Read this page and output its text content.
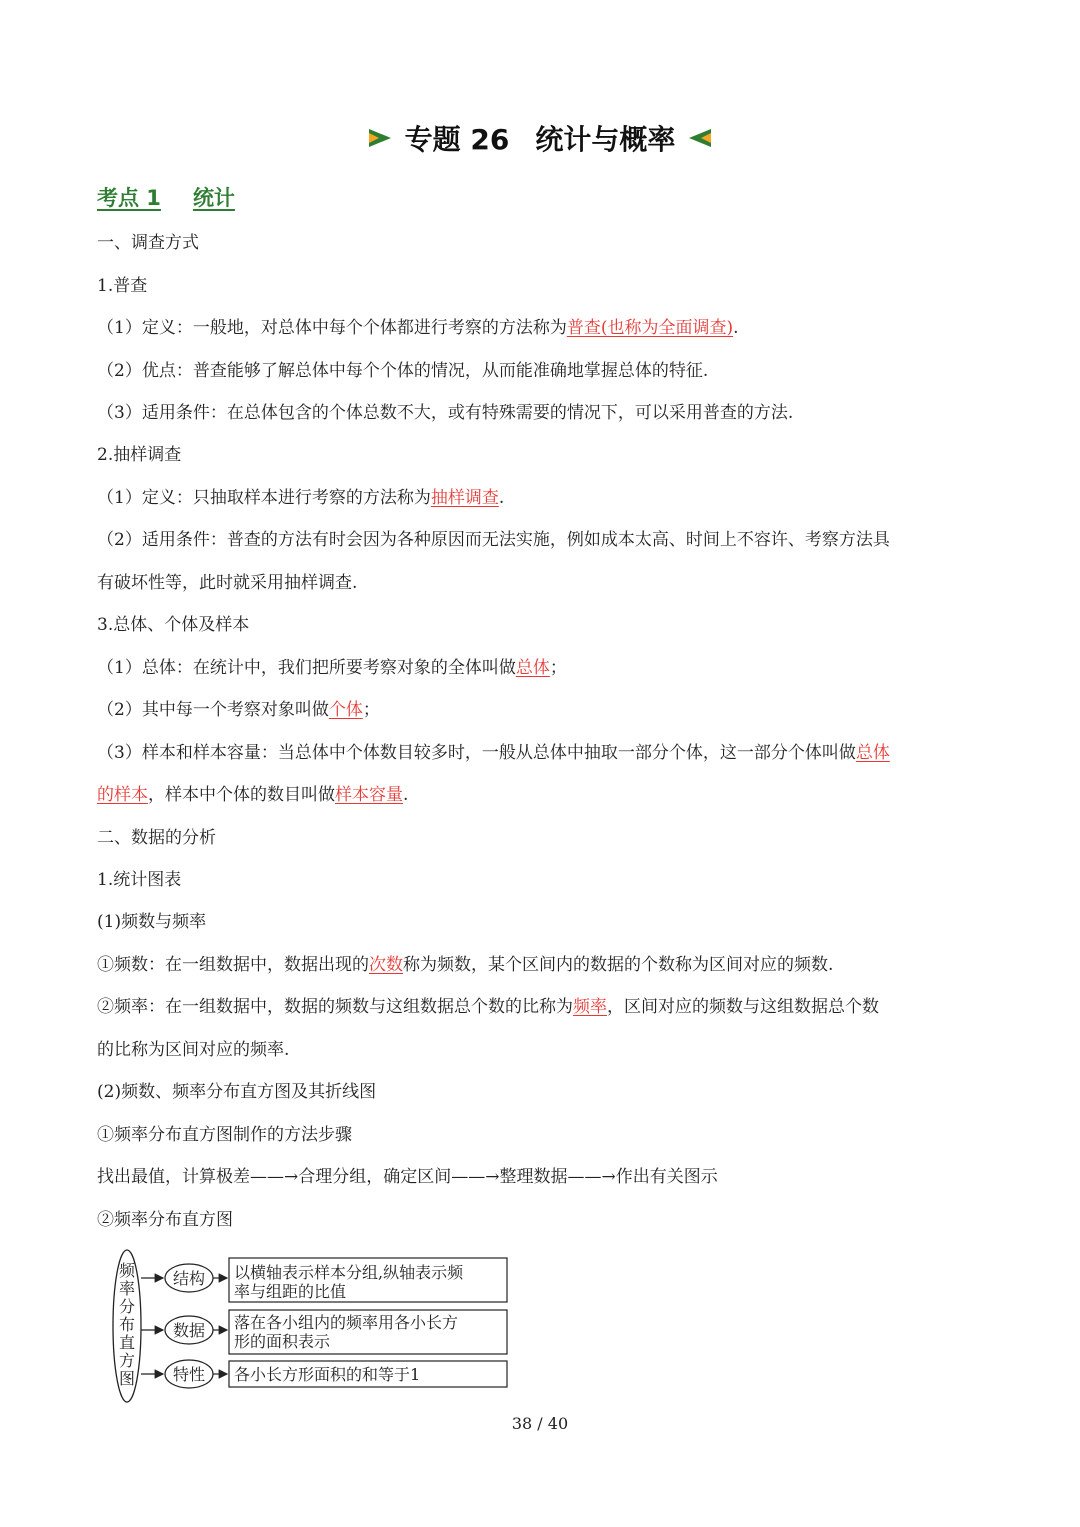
专题 26 统计与概率
考点 1 统计
一、调查方式
1.普查
（1）定义：一般地，对总体中每个个体都进行考察的方法称为普查(也称为全面调查).
（2）优点：普查能够了解总体中每个个体的情况，从而能准确地掌握总体的特征.
（3）适用条件：在总体包含的个体总数不大，或有特殊需要的情况下，可以采用普查的方法.
2.抽样调查
（1）定义：只抽取样本进行考察的方法称为抽样调查.
（2）适用条件：普查的方法有时会因为各种原因而无法实施，例如成本太高、时间上不容许、考察方法具
有破坏性等，此时就采用抽样调查.
3.总体、个体及样本
（1）总体：在统计中，我们把所要考察对象的全体叫做总体；
（2）其中每一个考察对象叫做个体；
（3）样本和样本容量：当总体中个体数目较多时，一般从总体中抽取一部分个体，这一部分个体叫做总体
的样本，样本中个体的数目叫做样本容量.
二、数据的分析
1.统计图表
(1)频数与频率
①频数：在一组数据中，数据出现的次数称为频数，某个区间内的数据的个数称为区间对应的频数.
②频率：在一组数据中，数据的频数与这组数据总个数的比称为频率，区间对应的频数与这组数据总个数
的比称为区间对应的频率.
(2)频数、频率分布直方图及其折线图
①频率分布直方图制作的方法步骤
找出最值，计算极差——→合理分组，确定区间——→整理数据——→作出有关图示
②频率分布直方图
频
率
分
布
直
方
图
结构 以横轴表示样本分组,纵轴表示频
率与组距的比值
数据 落在各小组内的频率用各小长方
形的面积表示
特性 各小长方形面积的和等于1
38 / 40
